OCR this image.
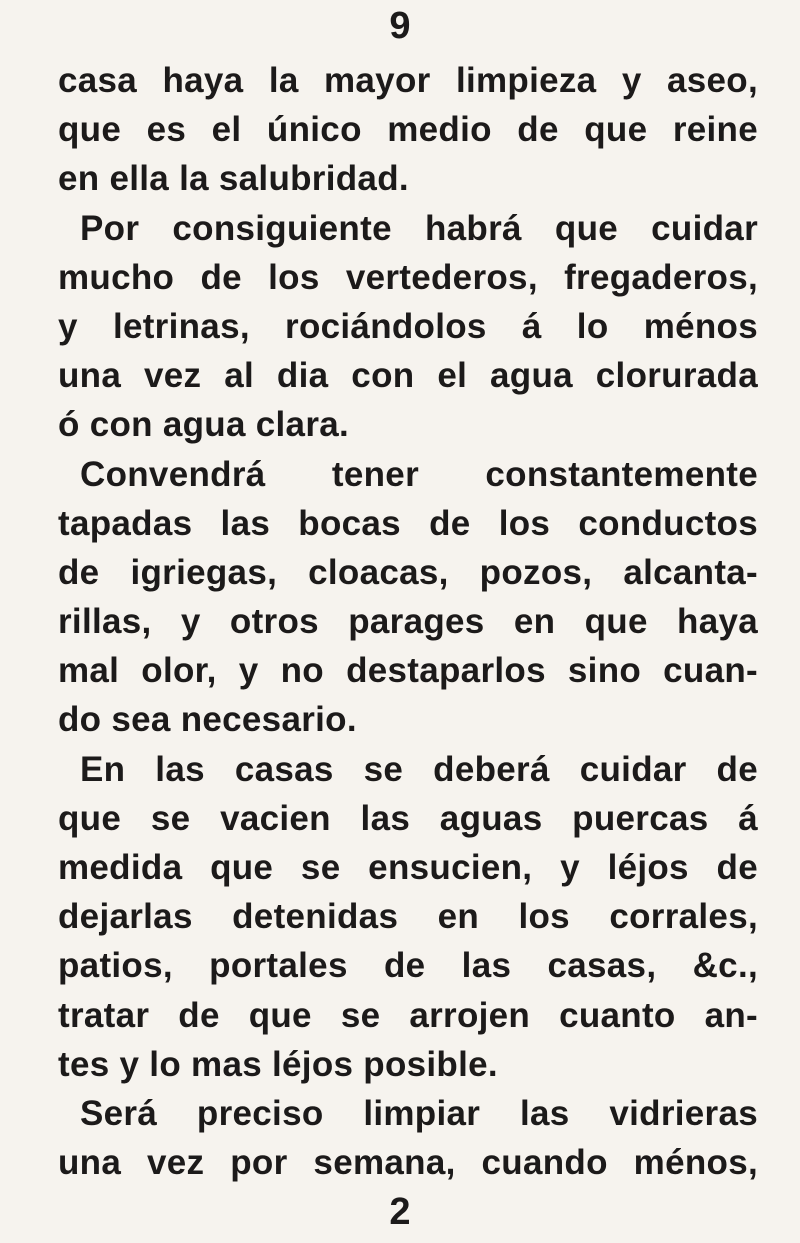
9
casa haya la mayor limpieza y aseo,
que es el único medio de que reine
en ella la salubridad.
Por consiguiente habrá que cuidar
mucho de los vertederos, fregaderos,
y letrinas, rociándolos á lo ménos
una vez al dia con el agua clorurada
ó con agua clara.
Convendrá tener constantemente
tapadas las bocas de los conductos
de igriegas, cloacas, pozos, alcanta-
rillas, y otros parages en que haya
mal olor, y no destaparlos sino cuan-
do sea necesario.
En las casas se deberá cuidar de
que se vacien las aguas puercas á
medida que se ensucien, y léjos de
dejarlas detenidas en los corrales,
patios, portales de las casas, &c.,
tratar de que se arrojen cuanto an-
tes y lo mas léjos posible.
Será preciso limpiar las vidrieras
una vez por semana, cuando ménos,
2
